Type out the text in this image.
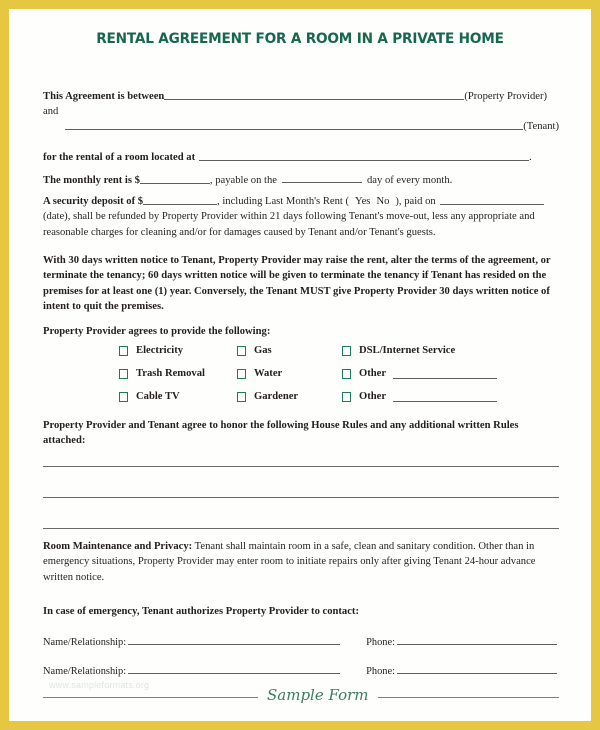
RENTAL AGREEMENT FOR A ROOM IN A PRIVATE HOME
This Agreement is between	(Property Provider) and
(Tenant)
for the rental of a room located at	.
The monthly rent is $	, payable on the	day of every month.
A security deposit of $	, including Last Month's Rent ( Yes No ), paid on (date), shall be refunded by Property Provider within 21 days following Tenant's move-out, less any appropriate and reasonable charges for cleaning and/or for damages caused by Tenant and/or Tenant's guests.
With 30 days written notice to Tenant, Property Provider may raise the rent, alter the terms of the agreement, or terminate the tenancy; 60 days written notice will be given to terminate the tenancy if Tenant has resided on the premises for at least one (1) year. Conversely, the Tenant MUST give Property Provider 30 days written notice of intent to quit the premises.
Property Provider agrees to provide the following:
Electricity	Gas	DSL/Internet Service
Trash Removal	Water	Other
Cable TV	Gardener	Other
Property Provider and Tenant agree to honor the following House Rules and any additional written Rules attached:
Room Maintenance and Privacy: Tenant shall maintain room in a safe, clean and sanitary condition. Other than in emergency situations, Property Provider may enter room to initiate repairs only after giving Tenant 24-hour advance written notice.
In case of emergency, Tenant authorizes Property Provider to contact:
Name/Relationship:	Phone:
Name/Relationship:	Phone:
www.sampleformats.org
Sample Form
